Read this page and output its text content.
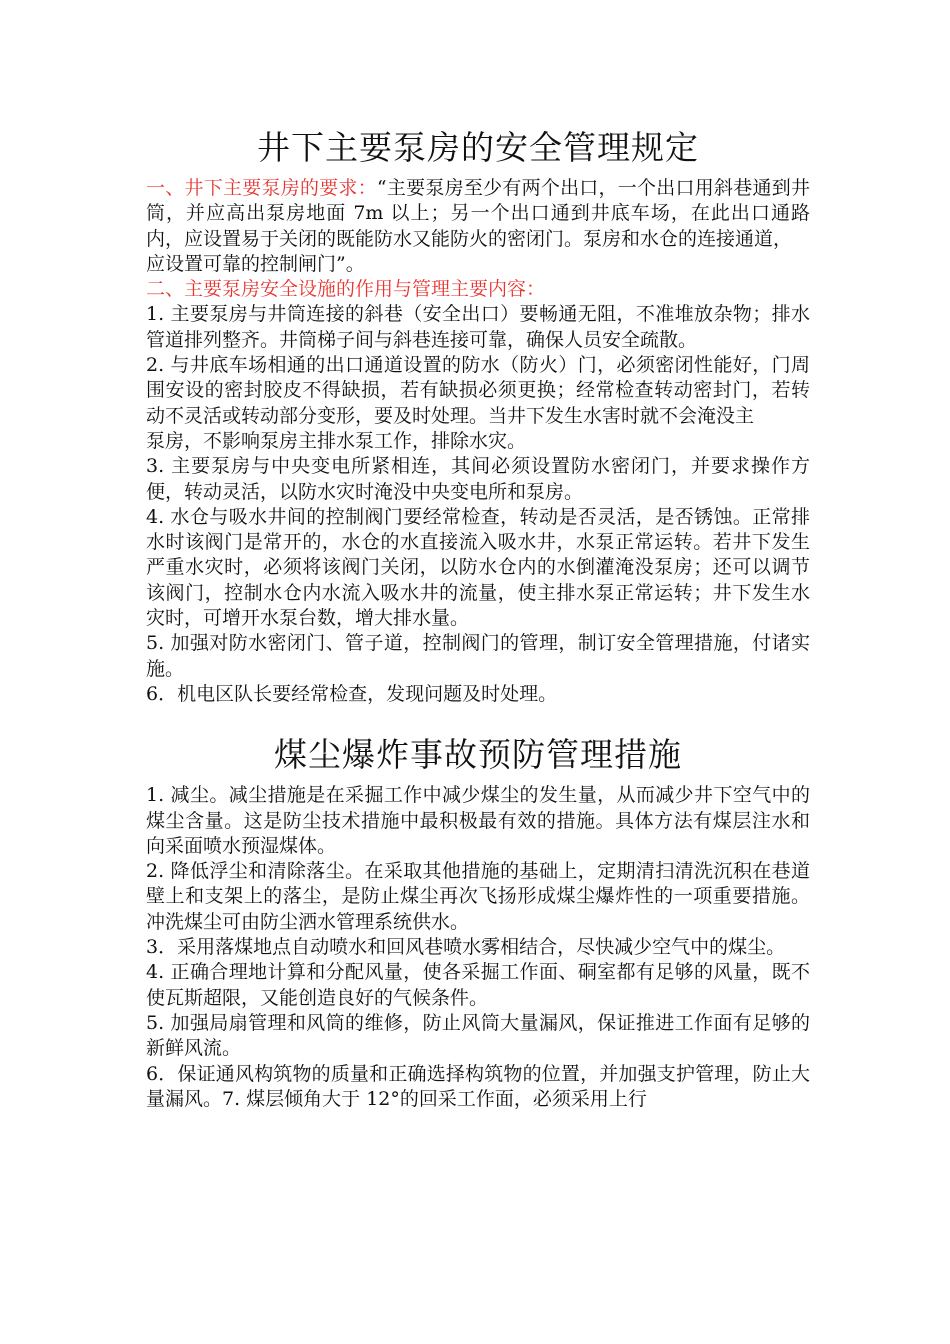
井下主要泵房的安全管理规定

一、井下主要泵房的要求：“主要泵房至少有两个出口，一个出口用斜巷通到井筒，并应高出泵房地面 7m 以上；另一个出口通到井底车场，在此出口通路内，应设置易于关闭的既能防水又能防火的密闭门。泵房和水仓的连接通道，

应设置可靠的控制闸门”。

二、主要泵房安全设施的作用与管理主要内容：

1. 主要泵房与井筒连接的斜巷（安全出口）要畅通无阻，不准堆放杂物；排水管道排列整齐。井筒梯子间与斜巷连接可靠，确保人员安全疏散。

2. 与井底车场相通的出口通道设置的防水（防火）门，必须密闭性能好，门周围安设的密封胶皮不得缺损，若有缺损必须更换；经常检查转动密封门，若转动不灵活或转动部分变形，要及时处理。当井下发生水害时就不会淹没主

泵房，不影响泵房主排水泵工作，排除水灾。

3. 主要泵房与中央变电所紧相连，其间必须设置防水密闭门，并要求操作方便，转动灵活，以防水灾时淹没中央变电所和泵房。

4. 水仓与吸水井间的控制阀门要经常检查，转动是否灵活，是否锈蚀。正常排水时该阀门是常开的，水仓的水直接流入吸水井，水泵正常运转。若井下发生严重水灾时，必须将该阀门关闭，以防水仓内的水倒灌淹没泵房；还可以调节该阀门，控制水仓内水流入吸水井的流量，使主排水泵正常运转；井下发生水灾时，可增开水泵台数，增大排水量。

5. 加强对防水密闭门、管子道，控制阀门的管理，制订安全管理措施，付诸实施。

6．机电区队长要经常检查，发现问题及时处理。

煤尘爆炸事故预防管理措施

1. 减尘。减尘措施是在采掘工作中减少煤尘的发生量，从而减少井下空气中的煤尘含量。这是防尘技术措施中最积极最有效的措施。具体方法有煤层注水和向采面喷水预湿煤体。

2. 降低浮尘和清除落尘。在采取其他措施的基础上，定期清扫清洗沉积在巷道壁上和支架上的落尘，是防止煤尘再次飞扬形成煤尘爆炸性的一项重要措施。冲洗煤尘可由防尘洒水管理系统供水。

3．采用落煤地点自动喷水和回风巷喷水雾相结合，尽快减少空气中的煤尘。

4. 正确合理地计算和分配风量，使各采掘工作面、硐室都有足够的风量，既不使瓦斯超限，又能创造良好的气候条件。

5. 加强局扇管理和风筒的维修，防止风筒大量漏风，保证推进工作面有足够的新鲜风流。

6．保证通风构筑物的质量和正确选择构筑物的位置，并加强支护管理，防止大量漏风。7. 煤层倾角大于 12°的回采工作面，必须采用上行
